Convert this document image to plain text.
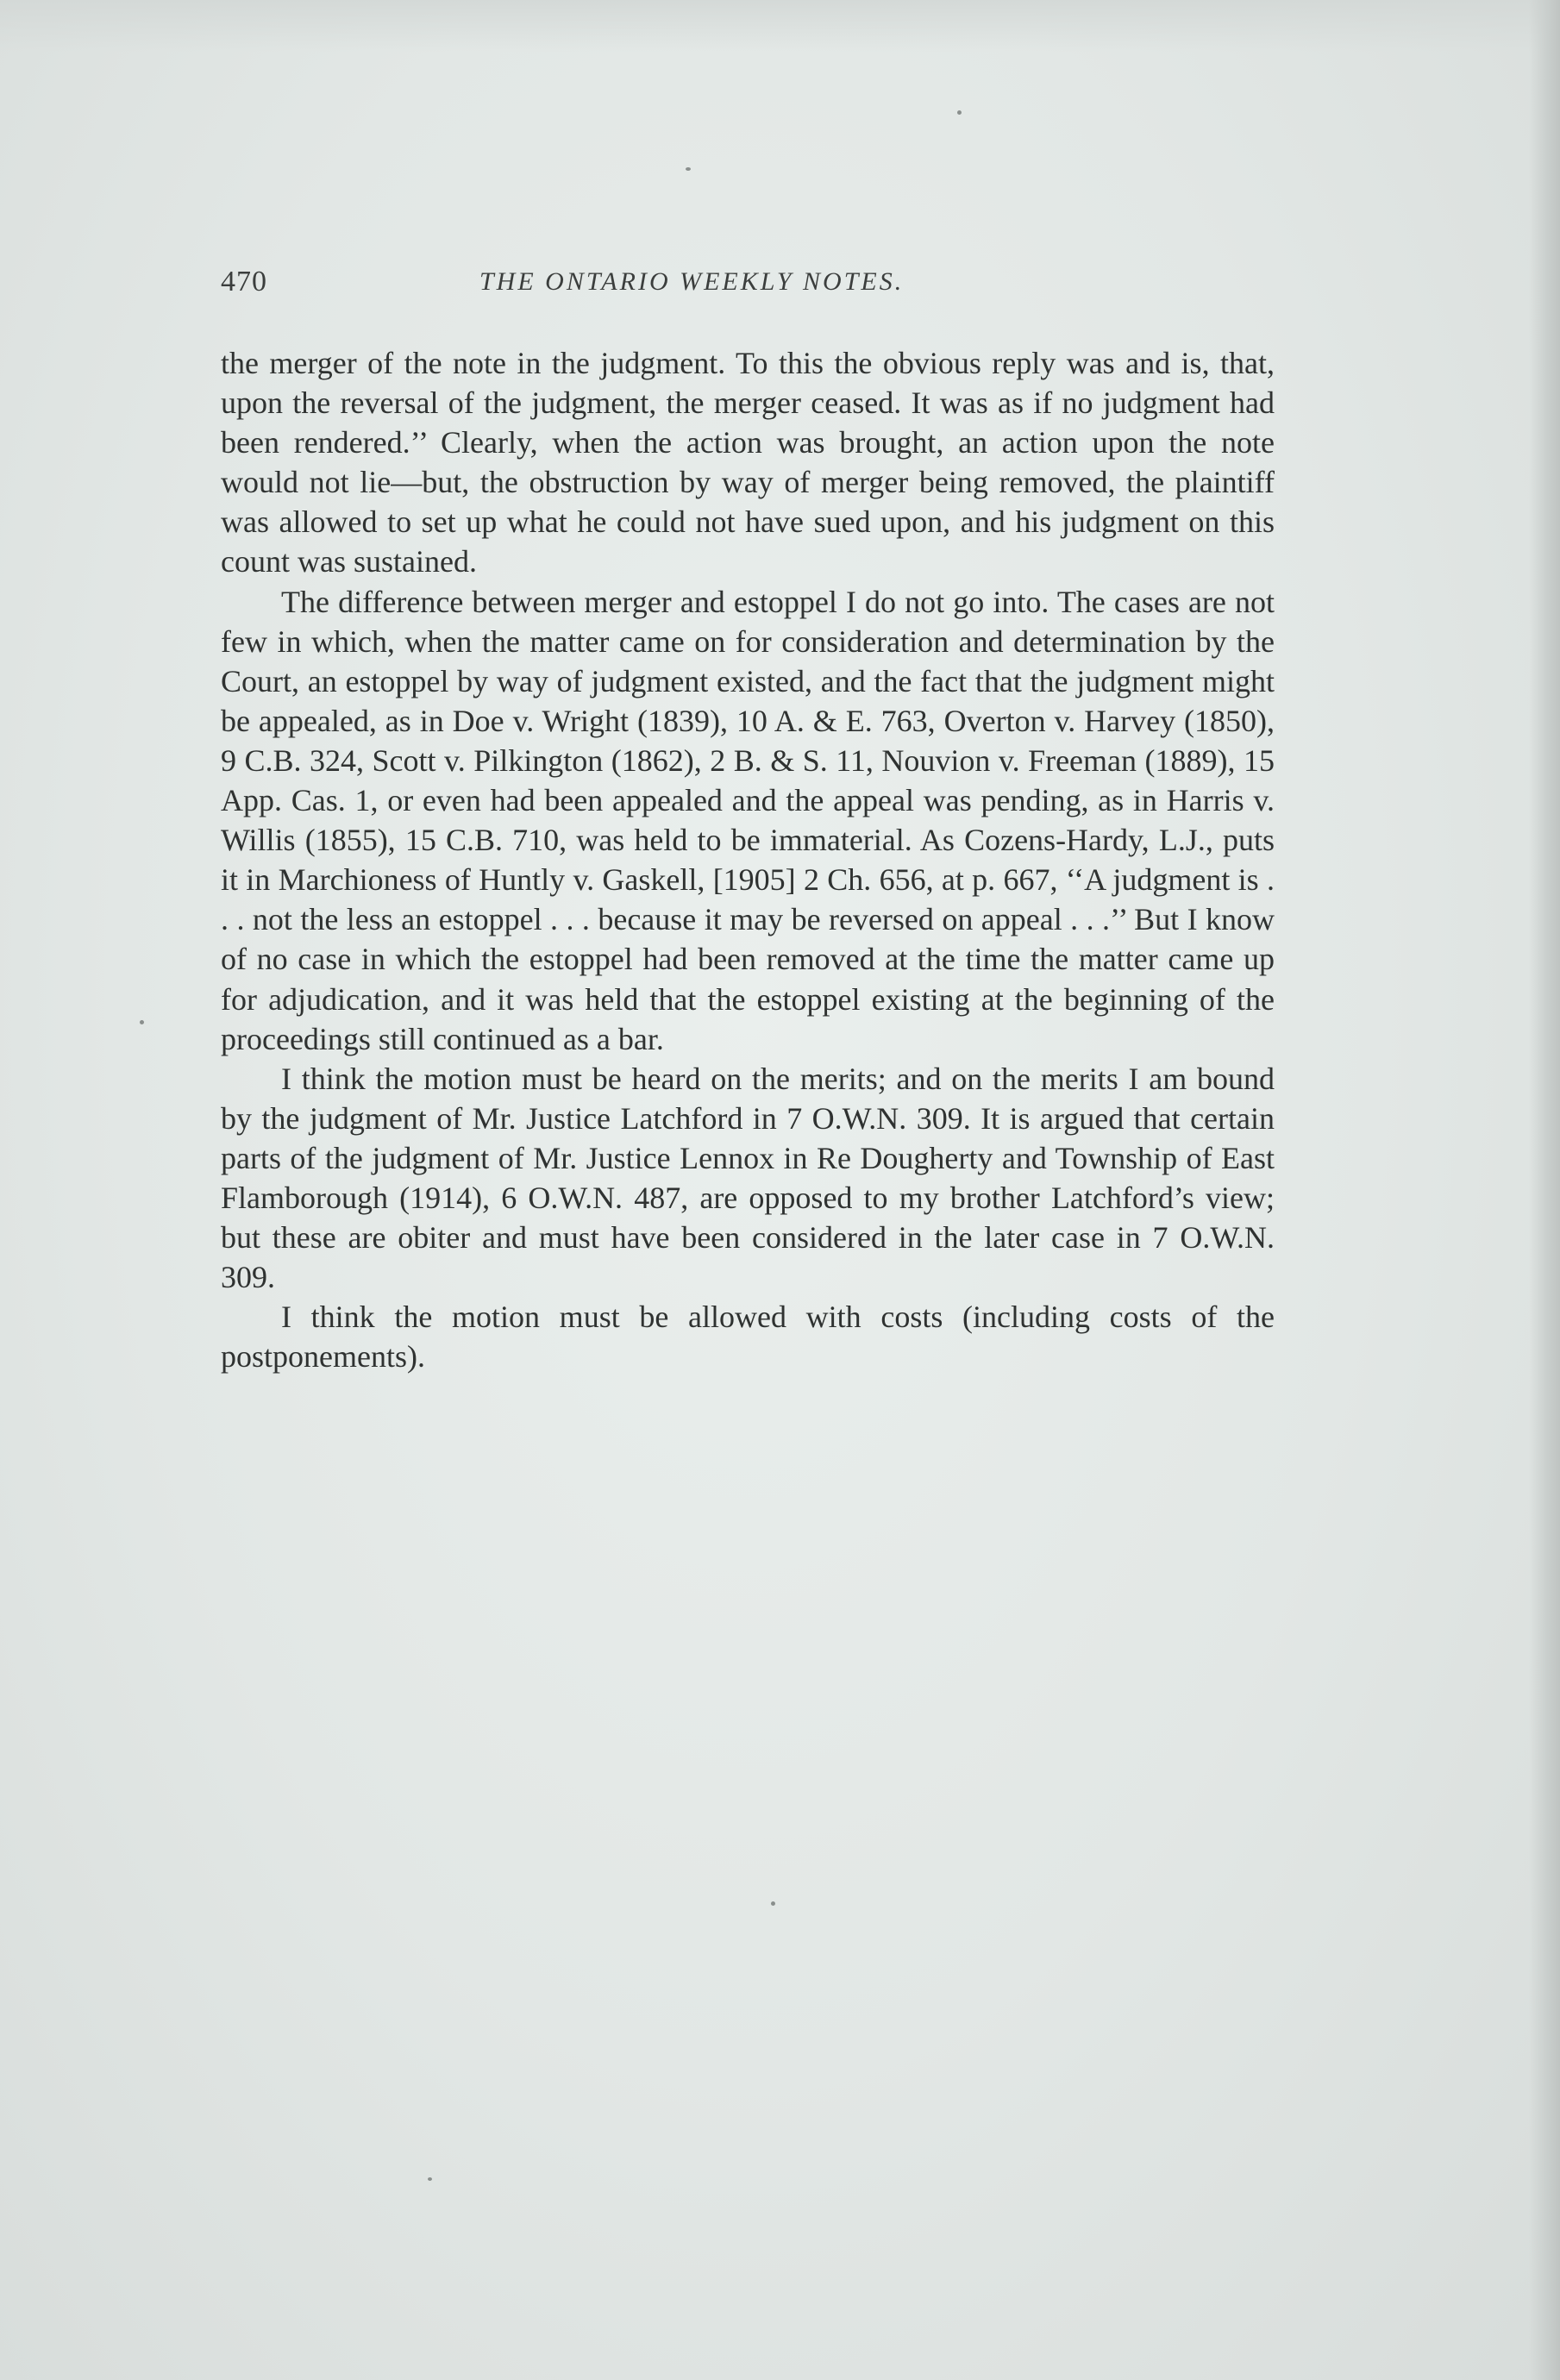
470	THE ONTARIO WEEKLY NOTES.

the merger of the note in the judgment. To this the obvious reply was and is, that, upon the reversal of the judgment, the merger ceased. It was as if no judgment had been rendered.’’ Clearly, when the action was brought, an action upon the note would not lie—but, the obstruction by way of merger being removed, the plaintiff was allowed to set up what he could not have sued upon, and his judgment on this count was sustained.

The difference between merger and estoppel I do not go into. The cases are not few in which, when the matter came on for consideration and determination by the Court, an estoppel by way of judgment existed, and the fact that the judgment might be appealed, as in Doe v. Wright (1839), 10 A. & E. 763, Overton v. Harvey (1850), 9 C.B. 324, Scott v. Pilkington (1862), 2 B. & S. 11, Nouvion v. Freeman (1889), 15 App. Cas. 1, or even had been appealed and the appeal was pending, as in Harris v. Willis (1855), 15 C.B. 710, was held to be immaterial. As Cozens-Hardy, L.J., puts it in Marchioness of Huntly v. Gaskell, [1905] 2 Ch. 656, at p. 667, ‘‘A judgment is . . . not the less an estoppel . . . because it may be reversed on appeal . . .’’ But I know of no case in which the estoppel had been removed at the time the matter came up for adjudication, and it was held that the estoppel existing at the beginning of the proceedings still continued as a bar.

I think the motion must be heard on the merits; and on the merits I am bound by the judgment of Mr. Justice Latchford in 7 O.W.N. 309. It is argued that certain parts of the judgment of Mr. Justice Lennox in Re Dougherty and Township of East Flamborough (1914), 6 O.W.N. 487, are opposed to my brother Latchford’s view; but these are obiter and must have been considered in the later case in 7 O.W.N. 309.

I think the motion must be allowed with costs (including costs of the postponements).
